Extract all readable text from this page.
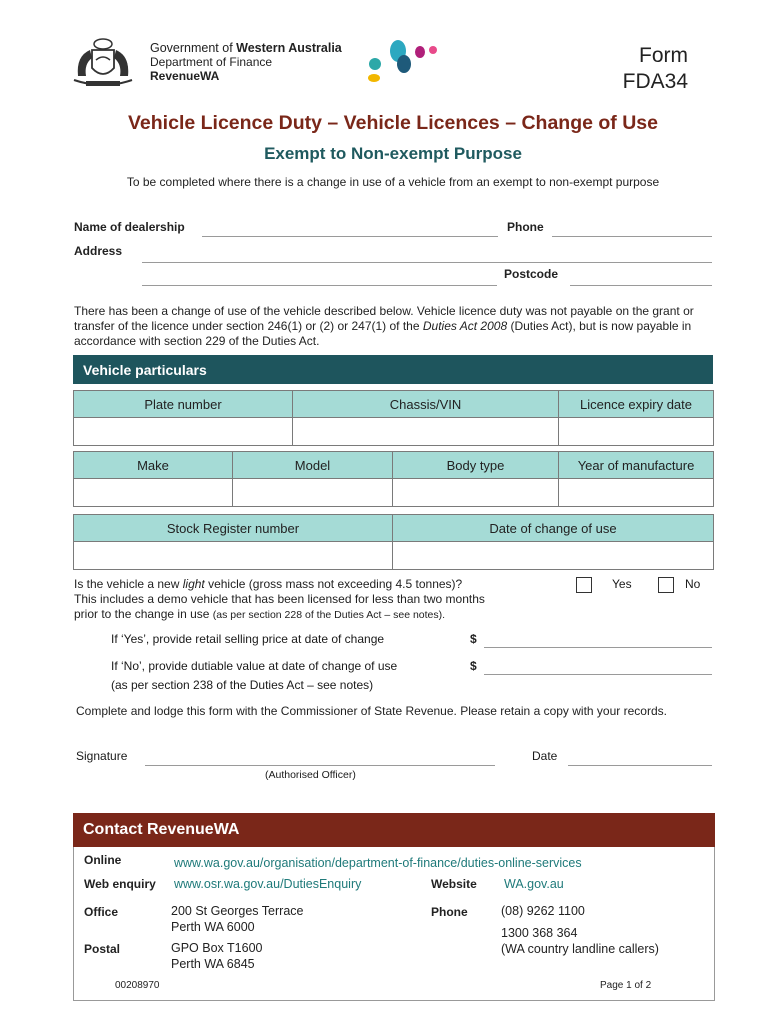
Government of Western Australia
Department of Finance
RevenueWA
Form
FDA34
Vehicle Licence Duty – Vehicle Licences – Change of Use
Exempt to Non-exempt Purpose
To be completed where there is a change in use of a vehicle from an exempt to non-exempt purpose
Name of dealership	Phone
Address
Postcode
There has been a change of use of the vehicle described below. Vehicle licence duty was not payable on the grant or transfer of the licence under section 246(1) or (2) or 247(1) of the Duties Act 2008 (Duties Act), but is now payable in accordance with section 229 of the Duties Act.
Vehicle particulars
Plate number	Chassis/VIN	Licence expiry date

Make	Model	Body type	Year of manufacture

Stock Register number	Date of change of use

Is the vehicle a new light vehicle (gross mass not exceeding 4.5 tonnes)?
This includes a demo vehicle that has been licensed for less than two months
prior to the change in use (as per section 228 of the Duties Act – see notes).
Yes	No
If ‘Yes’, provide retail selling price at date of change	$
If ‘No’, provide dutiable value at date of change of use	$
(as per section 238 of the Duties Act – see notes)
Complete and lodge this form with the Commissioner of State Revenue. Please retain a copy with your records.
Signature	Date
(Authorised Officer)
Contact RevenueWA
Online	www.wa.gov.au/organisation/department-of-finance/duties-online-services
Web enquiry www.osr.wa.gov.au/DutiesEnquiry	Website WA.gov.au
Office	200 St Georges Terrace
Perth WA 6000
Phone	(08) 9262 1100
1300 368 364
(WA country landline callers)
Postal	GPO Box T1600
Perth WA 6845
00208970	Page 1 of 2
